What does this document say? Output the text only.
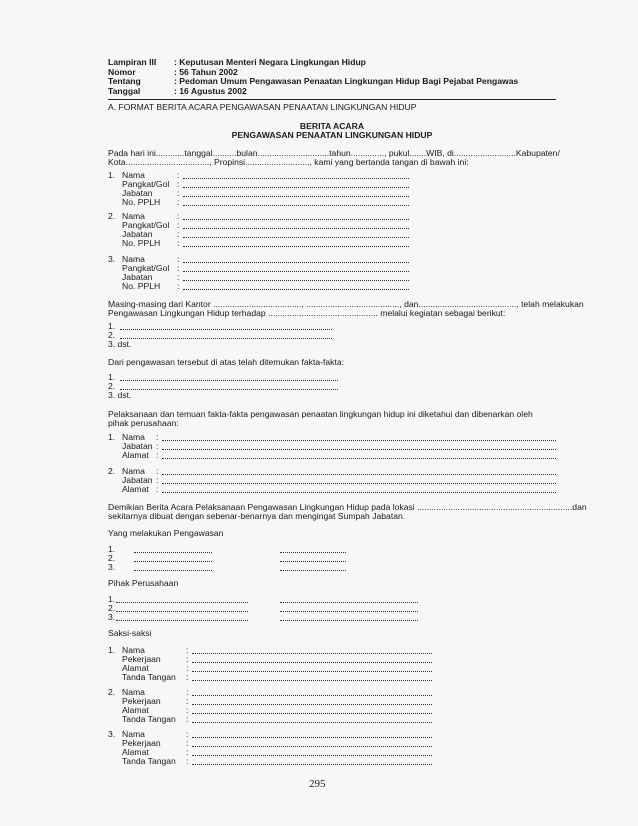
Lampiran III	: Keputusan Menteri Negara Lingkungan Hidup
Nomor	: 56 Tahun 2002
Tentang	: Pedoman Umum Pengawasan Penaatan Lingkungan Hidup Bagi Pejabat Pengawas
Tanggal	: 16 Agustus 2002
A. FORMAT BERITA ACARA PENGAWASAN PENAATAN LINGKUNGAN HIDUP
BERITA ACARA
PENGAWASAN PENAATAN LINGKUNGAN HIDUP
Pada hari ini............tanggal..........bulan..............................tahun.............., pukul.......WIB, di..........................Kabupaten/
Kota..................................., Propinsi..........................., kami yang bertanda tangan di bawah ini:
1. Nama	:
Pangkat/Gol :
Jabatan	:
No. PPLH :
2. Nama	:
Pangkat/Gol :
Jabatan	:
No. PPLH :
3. Nama	:
Pangkat/Gol :
Jabatan	:
No. PPLH :
Masing-masing dari Kantor ....................................., ......................................., dan........................................., telah melakukan
Pengawasan Lingkungan Hidup terhadap .............................................. melalui kegiatan sebagai berikut:
1.
2.
3. dst.
Dari pengawasan tersebut di atas telah ditemukan fakta-fakta:
1.
2.
3. dst.
Pelaksanaan dan temuan fakta-fakta pengawasan penaatan lingkungan hidup ini diketahui dan dibenarkan oleh
pihak perusahaan:
1. Nama :
Jabatan :
Alamat :
2. Nama :
Jabatan :
Alamat :
Demikian Berita Acara Pelaksanaan Pengawasan Lingkungan Hidup pada lokasi .................................................................dan
sekitarnya dibuat dengan sebenar-benarnya dan mengingat Sumpah Jabatan.
Yang melakukan Pengawasan
1.
2.
3.
Pihak Perusahaan
1.
2.
3.
Saksi-saksi
1. Nama	:
Pekerjaan	:
Alamat	:
Tanda Tangan :
2. Nama	:
Pekerjaan	:
Alamat	:
Tanda Tangan :
3. Nama	:
Pekerjaan	:
Alamat	:
Tanda Tangan :
295
